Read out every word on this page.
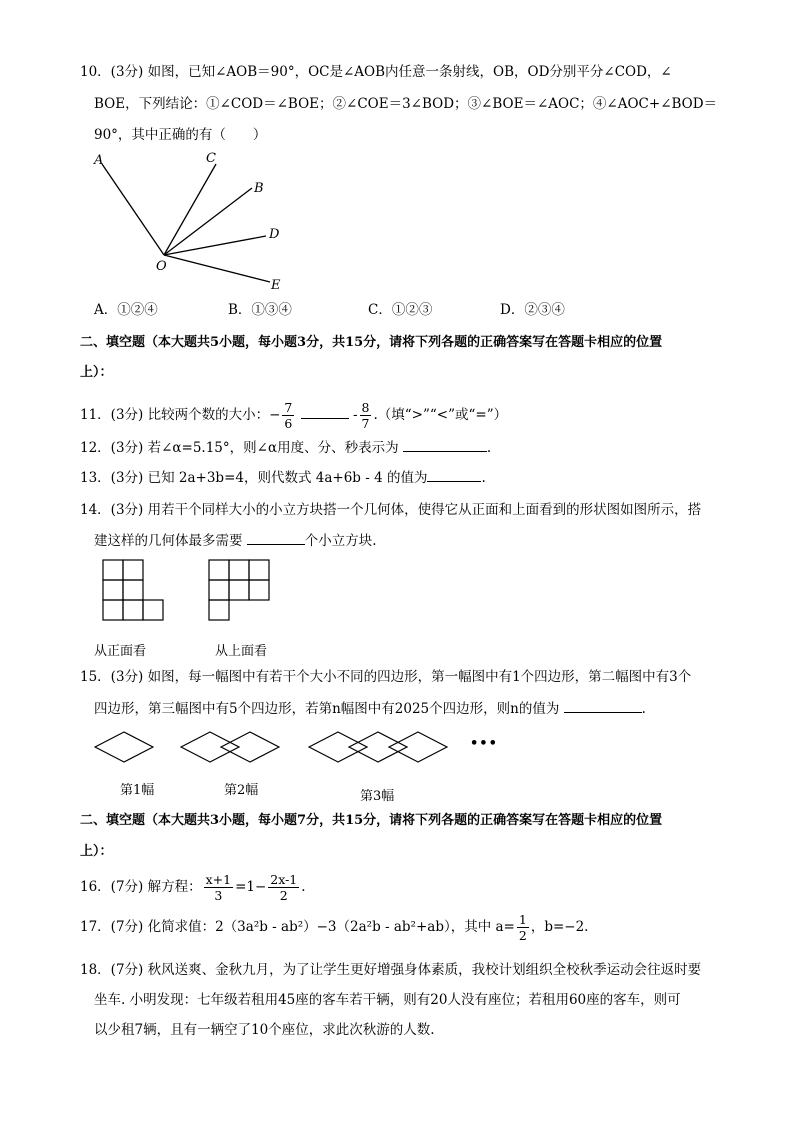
10．(3分) 如图，已知∠AOB＝90°，OC是∠AOB内任意一条射线，OB，OD分别平分∠COD，∠
BOE，下列结论：①∠COD＝∠BOE；②∠COE＝3∠BOD；③∠BOE＝∠AOC；④∠AOC+∠BOD＝
90°，其中正确的有（　　）
A	C
B
D
O
E
A．①②④	B．①③④	C．①②③	D．②③④
二、填空题（本大题共5小题，每小题3分，共15分，请将下列各题的正确答案写在答题卡相应的位置
上）：
11．(3分) 比较两个数的大小：− $\frac{7}{6}$	- $\frac{8}{7}$ .（填“>”“<”或“=”）
12．(3分) 若∠α=5.15°，则∠α用度、分、秒表示为	.
13．(3分) 已知 2a+3b=4，则代数式 4a+6b - 4 的值为	.
14．(3分) 用若干个同样大小的小立方块搭一个几何体，使得它从正面和上面看到的形状图如图所示，搭
建这样的几何体最多需要	个小立方块.
从正面看	从上面看
15．(3分) 如图，每一幅图中有若干个大小不同的四边形，第一幅图中有1个四边形，第二幅图中有3个
四边形，第三幅图中有5个四边形，若第n幅图中有2025个四边形，则n的值为	.
•••
第1幅	第2幅	第3幅
二、填空题（本大题共3小题，每小题7分，共15分，请将下列各题的正确答案写在答题卡相应的位置
上）：
16．(7分) 解方程： $\frac{x+1}{3} =1- \frac{2x-1}{2}$ .
17．(7分) 化简求值：2（3a²b - ab²）−3（2a²b - ab²+ab），其中 $a= \frac{1}{2}$ ，b=−2.
18．(7分) 秋风送爽、金秋九月，为了让学生更好增强身体素质，我校计划组织全校秋季运动会往返时要
坐车. 小明发现：七年级若租用45座的客车若干辆，则有20人没有座位；若租用60座的客车，则可
以少租7辆，且有一辆空了10个座位，求此次秋游的人数.
